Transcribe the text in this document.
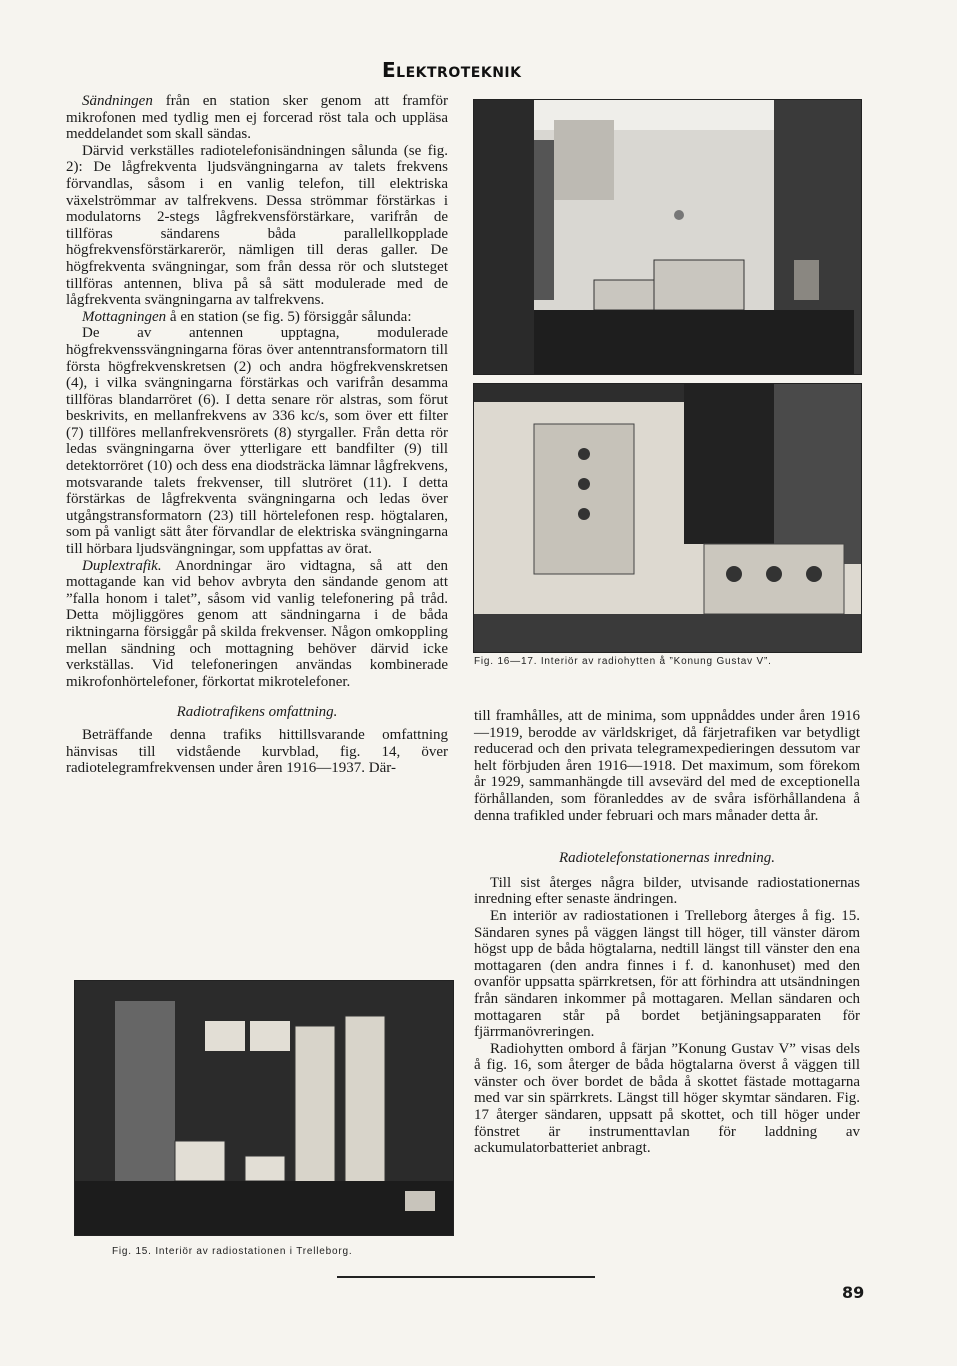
Elektroteknik

Sändningen från en station sker genom att framför mikrofonen med tydlig men ej forcerad röst tala och uppläsa meddelandet som skall sändas.

Därvid verkställes radiotelefonisändningen sålunda (se fig. 2): De lågfrekventa ljudsvängningarna av talets frekvens förvandlas, såsom i en vanlig telefon, till elektriska växelströmmar av talfrekvens. Dessa strömmar förstärkas i modulatorns 2-stegs lågfrekvensförstärkare, varifrån de tillföras sändarens båda parallellkopplade högfrekvensförstärkarerör, nämligen till deras galler. De högfrekventa svängningar, som från dessa rör och slutsteget tillföras antennen, bliva på så sätt modulerade med de lågfrekventa svängningarna av talfrekvens.

Mottagningen å en station (se fig. 5) försiggår sålunda:

De av antennen upptagna, modulerade högfrekvenssvängningarna föras över antenntransformatorn till första högfrekvenskretsen (2) och andra högfrekvenskretsen (4), i vilka svängningarna förstärkas och varifrån desamma tillföras blandarröret (6). I detta senare rör alstras, som förut beskrivits, en mellanfrekvens av 336 kc/s, som över ett filter (7) tillföres mellanfrekvensrörets (8) styrgaller. Från detta rör ledas svängningarna över ytterligare ett bandfilter (9) till detektorröret (10) och dess ena diodsträcka lämnar lågfrekvens, motsvarande talets frekvenser, till slutröret (11). I detta förstärkas de lågfrekventa svängningarna och ledas över utgångstransformatorn (23) till hörtelefonen resp. högtalaren, som på vanligt sätt åter förvandlar de elektriska svängningarna till hörbara ljudsvängningar, som uppfattas av örat.

Duplextrafik. Anordningar äro vidtagna, så att den mottagande kan vid behov avbryta den sändande genom att ”falla honom i talet”, såsom vid vanlig telefonering på tråd. Detta möjliggöres genom att sändningarna i de båda riktningarna försiggår på skilda frekvenser. Någon omkoppling mellan sändning och mottagning behöver därvid icke verkställas. Vid telefoneringen användas kombinerade mikrofonhörtelefoner, förkortat mikrotelefoner.

Radiotrafikens omfattning.

Beträffande denna trafiks hittillsvarande omfattning hänvisas till vidstående kurvblad, fig. 14, över radiotelegramfrekvensen under åren 1916—1937. Där-

Fig. 16—17. Interiör av radiohytten å ”Konung Gustav V”.

till framhålles, att de minima, som uppnåddes under åren 1916—1919, berodde av världskriget, då färjetrafiken var betydligt reducerad och den privata telegramexpedieringen dessutom var helt förbjuden åren 1916—1918. Det maximum, som förekom år 1929, sammanhängde till avsevärd del med de exceptionella förhållanden, som föranleddes av de svåra isförhållandena å denna trafikled under februari och mars månader detta år.

Radiotelefonstationernas inredning.

Till sist återges några bilder, utvisande radiostationernas inredning efter senaste ändringen.

En interiör av radiostationen i Trelleborg återges å fig. 15. Sändaren synes på väggen längst till höger, till vänster därom högst upp de båda högtalarna, nedtill längst till vänster den ena mottagaren (den andra finnes i f. d. kanonhuset) med den ovanför uppsatta spärrkretsen, för att förhindra att utsändningen från sändaren inkommer på mottagaren. Mellan sändaren och mottagaren står på bordet betjäningsapparaten för fjärrmanövreringen.

Radiohytten ombord å färjan ”Konung Gustav V” visas dels å fig. 16, som återger de båda högtalarna överst å väggen till vänster och över bordet de båda å skottet fästade mottagarna med var sin spärrkrets. Längst till höger skymtar sändaren. Fig. 17 återger sändaren, uppsatt på skottet, och till höger under fönstret är instrumenttavlan för laddning av ackumulatorbatteriet anbragt.

Fig. 15. Interiör av radiostationen i Trelleborg.
89
